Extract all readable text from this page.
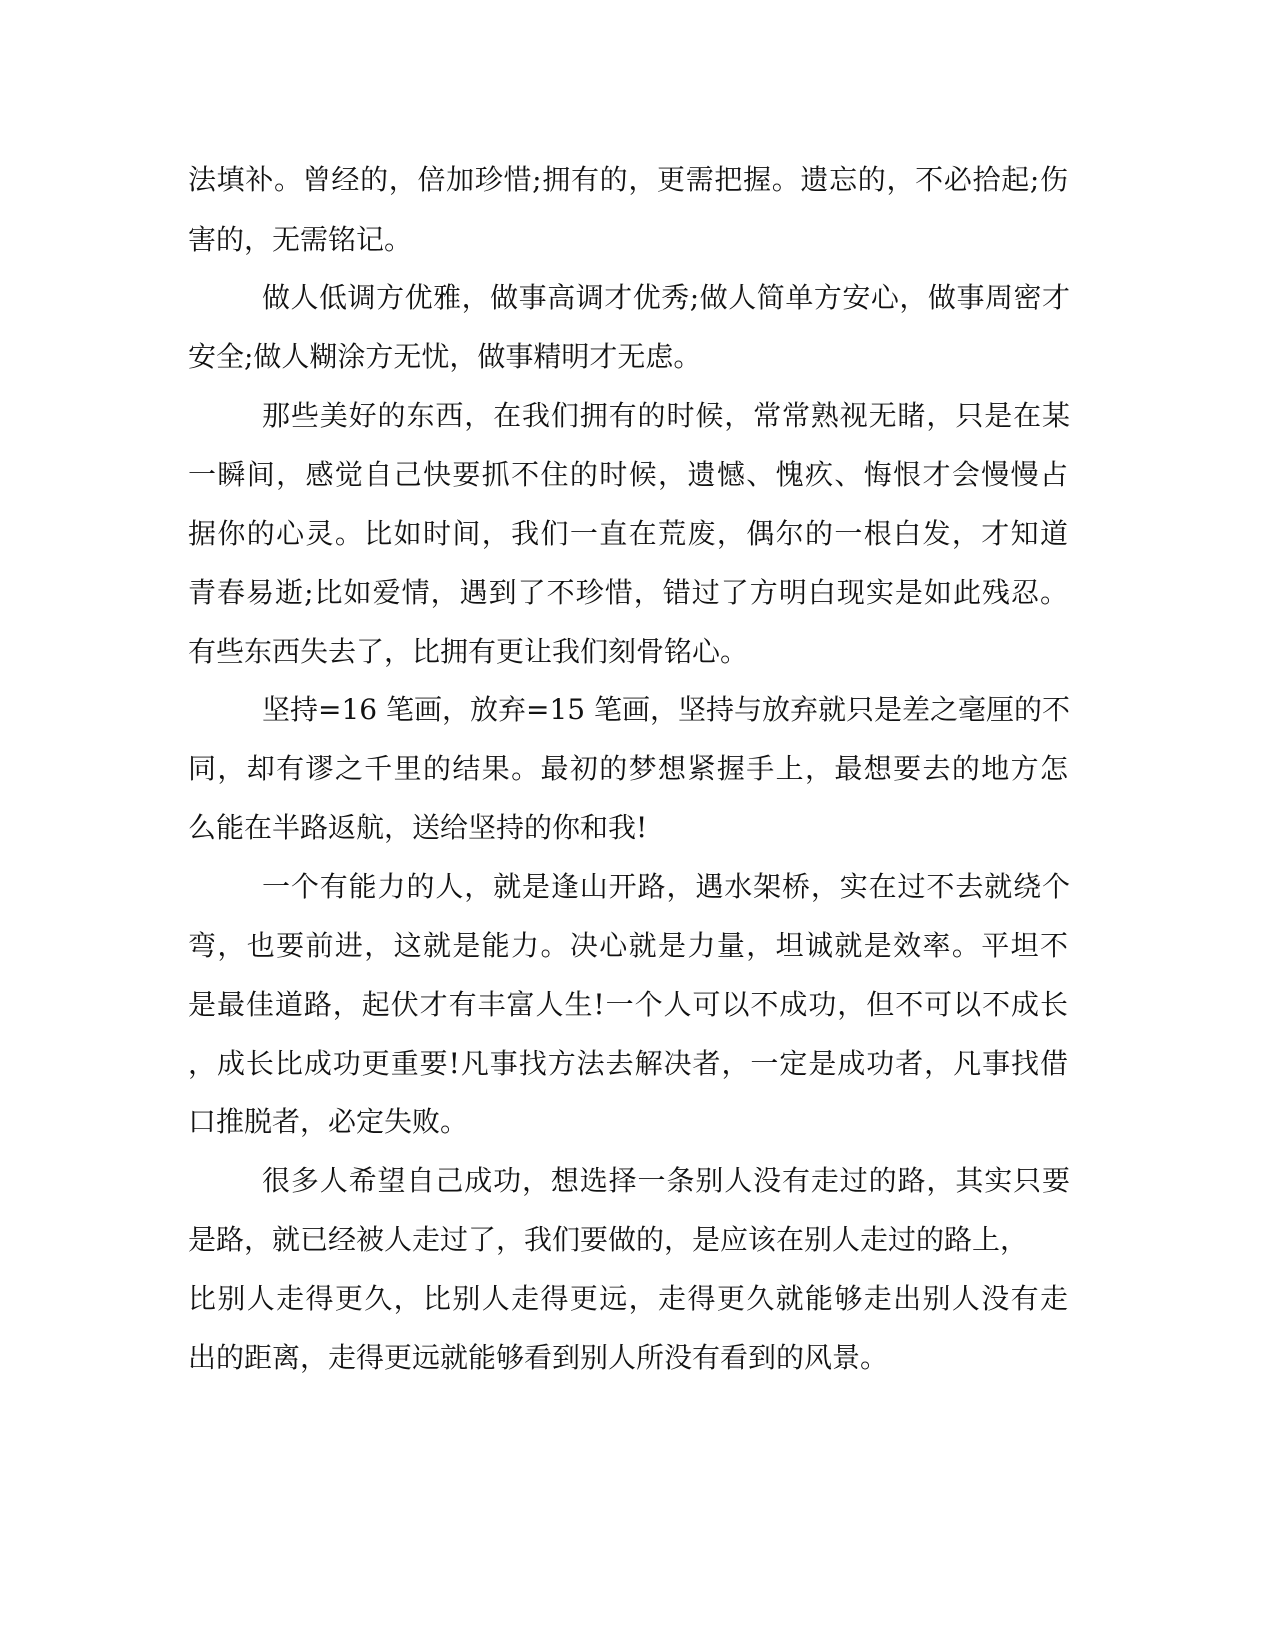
法填补。曾经的，倍加珍惜;拥有的，更需把握。遗忘的，不必拾起;伤

害的，无需铭记。

做人低调方优雅，做事高调才优秀;做人简单方安心，做事周密才

安全;做人糊涂方无忧，做事精明才无虑。

那些美好的东西，在我们拥有的时候，常常熟视无睹，只是在某

一瞬间，感觉自己快要抓不住的时候，遗憾、愧疚、悔恨才会慢慢占

据你的心灵。比如时间，我们一直在荒废，偶尔的一根白发，才知道

青春易逝;比如爱情，遇到了不珍惜，错过了方明白现实是如此残忍。

有些东西失去了，比拥有更让我们刻骨铭心。

坚持=16 笔画，放弃=15 笔画，坚持与放弃就只是差之毫厘的不

同，却有谬之千里的结果。最初的梦想紧握手上，最想要去的地方怎

么能在半路返航，送给坚持的你和我!

一个有能力的人，就是逢山开路，遇水架桥，实在过不去就绕个

弯，也要前进，这就是能力。决心就是力量，坦诚就是效率。平坦不

是最佳道路，起伏才有丰富人生!一个人可以不成功，但不可以不成长

，成长比成功更重要!凡事找方法去解决者，一定是成功者，凡事找借

口推脱者，必定失败。

很多人希望自己成功，想选择一条别人没有走过的路，其实只要

是路，就已经被人走过了，我们要做的，是应该在别人走过的路上，

比别人走得更久，比别人走得更远，走得更久就能够走出别人没有走

出的距离，走得更远就能够看到别人所没有看到的风景。
